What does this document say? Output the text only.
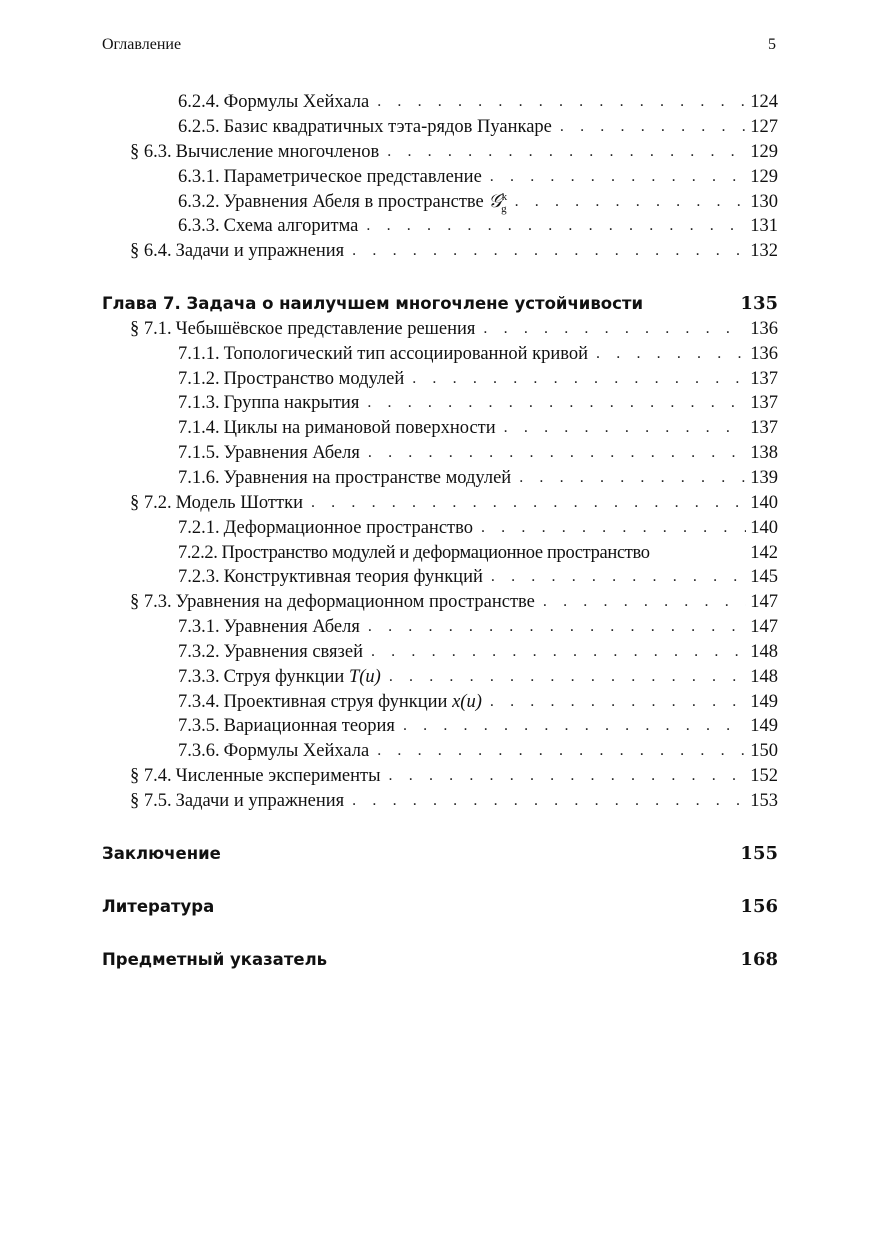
Оглавление	5
6.2.4. Формулы Хейхала . . .	124
6.2.5. Базис квадратичных тэта-рядов Пуанкаре . . .	127
§ 6.3. Вычисление многочленов . . .	129
6.3.1. Параметрическое представление . . .	129
6.3.2. Уравнения Абеля в пространстве 𝒢$^k_g$ . . .	130
6.3.3. Схема алгоритма . . .	131
§ 6.4. Задачи и упражнения . . .	132
Глава 7. Задача о наилучшем многочлене устойчивости	135
§ 7.1. Чебышёвское представление решения . . .	136
7.1.1. Топологический тип ассоциированной кривой . . .	136
7.1.2. Пространство модулей . . .	137
7.1.3. Группа накрытия . . .	137
7.1.4. Циклы на римановой поверхности . . .	137
7.1.5. Уравнения Абеля . . .	138
7.1.6. Уравнения на пространстве модулей . . .	139
§ 7.2. Модель Шоттки . . .	140
7.2.1. Деформационное пространство . . .	140
7.2.2. Пространство модулей и деформационное пространство	142
7.2.3. Конструктивная теория функций . . .	145
§ 7.3. Уравнения на деформационном пространстве . . .	147
7.3.1. Уравнения Абеля . . .	147
7.3.2. Уравнения связей . . .	148
7.3.3. Струя функции T(u) . . .	148
7.3.4. Проективная струя функции x(u) . . .	149
7.3.5. Вариационная теория . . .	149
7.3.6. Формулы Хейхала . . .	150
§ 7.4. Численные эксперименты . . .	152
§ 7.5. Задачи и упражнения . . .	153
Заключение	155
Литература	156
Предметный указатель	168
